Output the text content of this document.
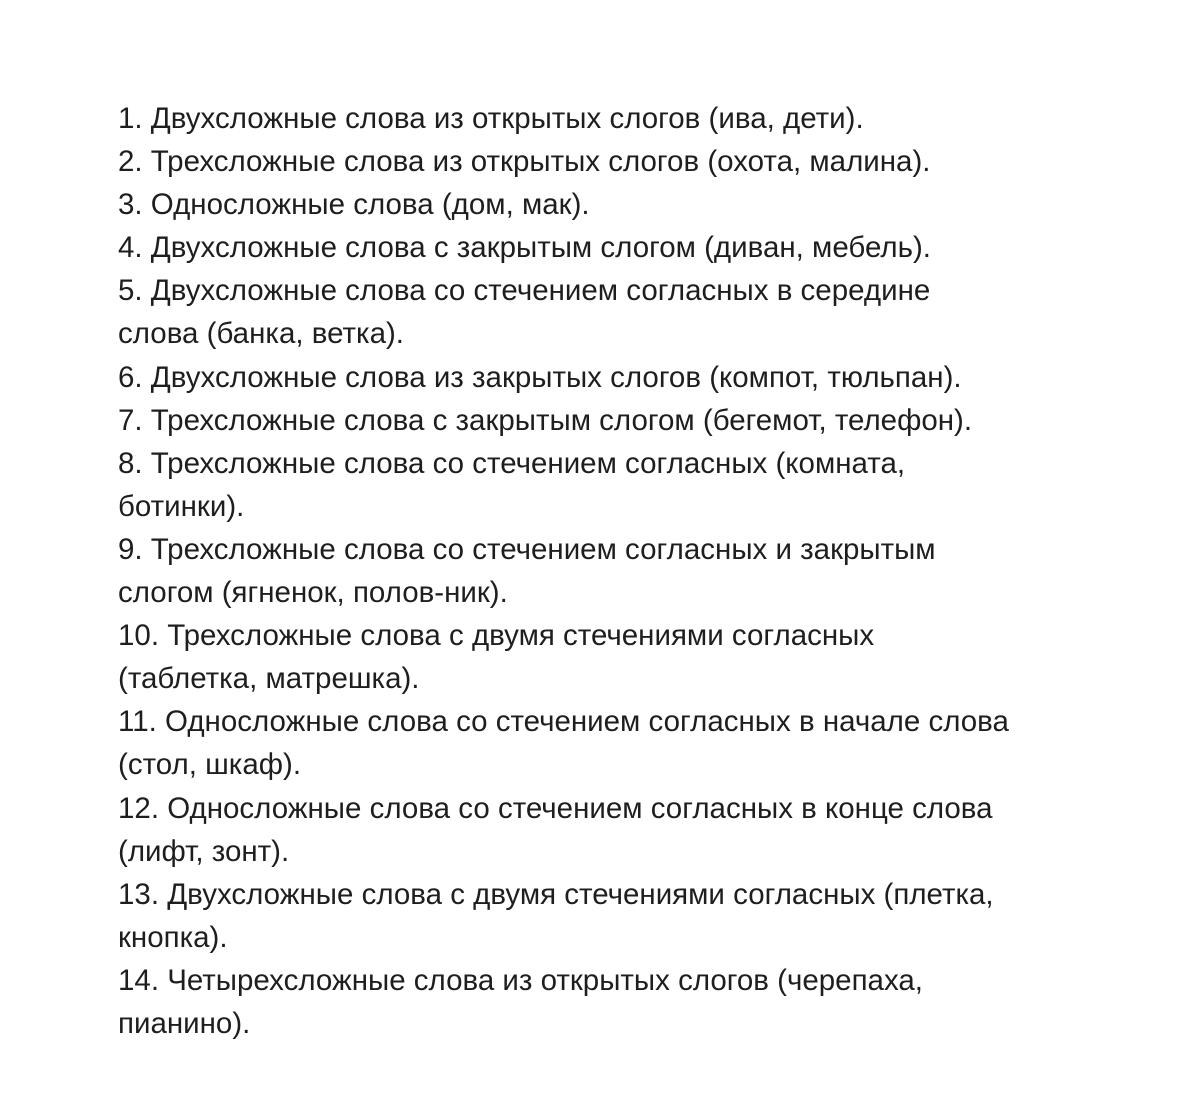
1. Двухсложные слова из открытых слогов (ива, дети).
2. Трехсложные слова из открытых слогов (охота, малина).
3. Односложные слова (дом, мак).
4. Двухсложные слова с закрытым слогом (диван, мебель).
5. Двухсложные слова со стечением согласных в середине
слова (банка, ветка).
6. Двухсложные слова из закрытых слогов (компот, тюльпан).
7. Трехсложные слова с закрытым слогом (бегемот, телефон).
8. Трехсложные слова со стечением согласных (комната,
ботинки).
9. Трехсложные слова со стечением согласных и закрытым
слогом (ягненок, полов-ник).
10. Трехсложные слова с двумя стечениями согласных
(таблетка, матрешка).
11. Односложные слова со стечением согласных в начале слова
(стол, шкаф).
12. Односложные слова со стечением согласных в конце слова
(лифт, зонт).
13. Двухсложные слова с двумя стечениями согласных (плетка,
кнопка).
14. Четырехсложные слова из открытых слогов (черепаха,
пианино).
